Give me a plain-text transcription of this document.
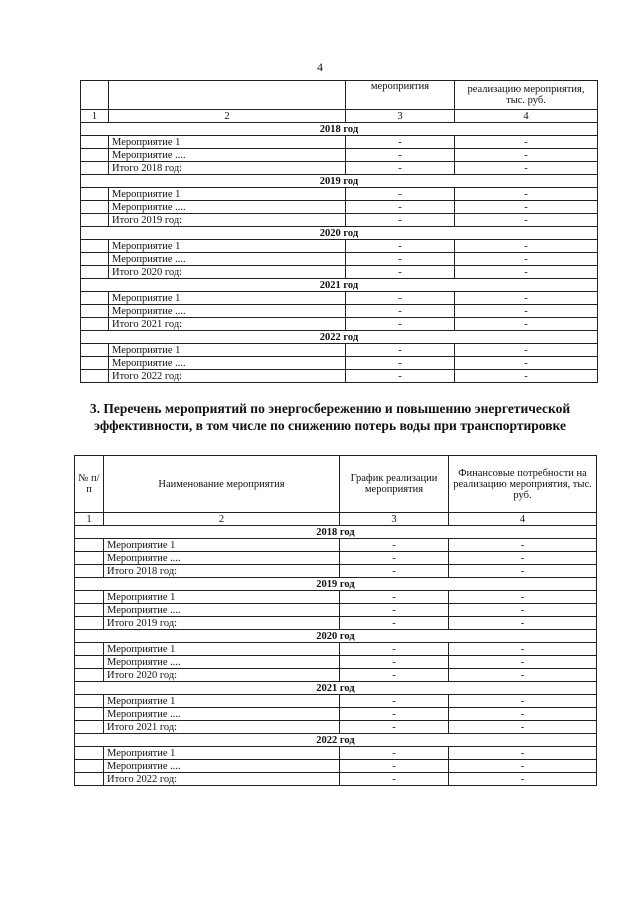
4
		мероприятия	реализацию мероприятия, тыс. руб.
1	2	3	4
2018 год			
	Мероприятие 1	-	-
	Мероприятие ....	-	-
	Итого 2018 год:	-	-
2019 год			
	Мероприятие 1	-	-
	Мероприятие ....	-	-
	Итого 2019 год:	-	-
2020 год			
	Мероприятие 1	-	-
	Мероприятие ....	-	-
	Итого 2020 год:	-	-
2021 год			
	Мероприятие 1	-	-
	Мероприятие ....	-	-
	Итого 2021 год:	-	-
2022 год			
	Мероприятие 1	-	-
	Мероприятие ....	-	-
	Итого 2022 год:	-	-
3. Перечень мероприятий по энергосбережению и повышению энергетической эффективности, в том числе по снижению потерь воды при транспортировке
№ п/п	Наименование мероприятия	График реализации мероприятия	Финансовые потребности на реализацию мероприятия, тыс. руб.
1	2	3	4
2018 год			
	Мероприятие 1	-	-
	Мероприятие ....	-	-
	Итого 2018 год:	-	-
2019 год			
	Мероприятие 1	-	-
	Мероприятие ....	-	-
	Итого 2019 год:	-	-
2020 год			
	Мероприятие 1	-	-
	Мероприятие ....	-	-
	Итого 2020 год:	-	-
2021 год			
	Мероприятие 1	-	-
	Мероприятие ....	-	-
	Итого 2021 год:	-	-
2022 год			
	Мероприятие 1	-	-
	Мероприятие ....	-	-
	Итого 2022 год:	-	-
